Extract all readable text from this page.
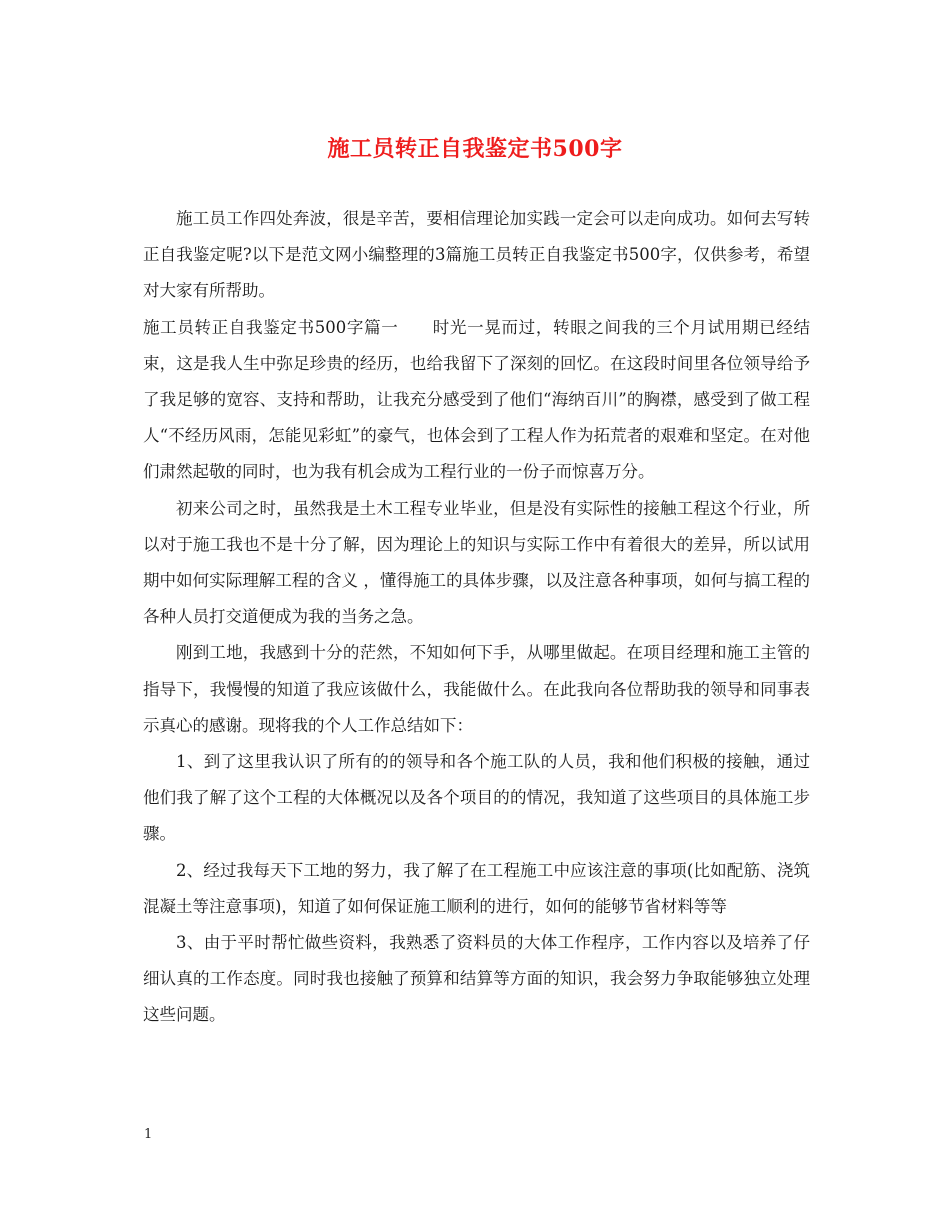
施工员转正自我鉴定书500字

施工员工作四处奔波，很是辛苦，要相信理论加实践一定会可以走向成功。如何去写转正自我鉴定呢?以下是范文网小编整理的3篇施工员转正自我鉴定书500字，仅供参考，希望对大家有所帮助。

施工员转正自我鉴定书500字篇一　　时光一晃而过，转眼之间我的三个月试用期已经结束，这是我人生中弥足珍贵的经历，也给我留下了深刻的回忆。在这段时间里各位领导给予了我足够的宽容、支持和帮助，让我充分感受到了他们“海纳百川”的胸襟，感受到了做工程人“不经历风雨，怎能见彩虹”的豪气，也体会到了工程人作为拓荒者的艰难和坚定。在对他们肃然起敬的同时，也为我有机会成为工程行业的一份子而惊喜万分。

初来公司之时，虽然我是土木工程专业毕业，但是没有实际性的接触工程这个行业，所以对于施工我也不是十分了解，因为理论上的知识与实际工作中有着很大的差异，所以试用期中如何实际理解工程的含义 ，懂得施工的具体步骤，以及注意各种事项，如何与搞工程的各种人员打交道便成为我的当务之急。

刚到工地，我感到十分的茫然，不知如何下手，从哪里做起。在项目经理和施工主管的指导下，我慢慢的知道了我应该做什么，我能做什么。在此我向各位帮助我的领导和同事表示真心的感谢。现将我的个人工作总结如下：

1、到了这里我认识了所有的的领导和各个施工队的人员，我和他们积极的接触，通过他们我了解了这个工程的大体概况以及各个项目的的情况，我知道了这些项目的具体施工步骤。

2、经过我每天下工地的努力，我了解了在工程施工中应该注意的事项(比如配筋、浇筑混凝土等注意事项)，知道了如何保证施工顺利的进行，如何的能够节省材料等等

3、由于平时帮忙做些资料，我熟悉了资料员的大体工作程序，工作内容以及培养了仔细认真的工作态度。同时我也接触了预算和结算等方面的知识，我会努力争取能够独立处理这些问题。

1
